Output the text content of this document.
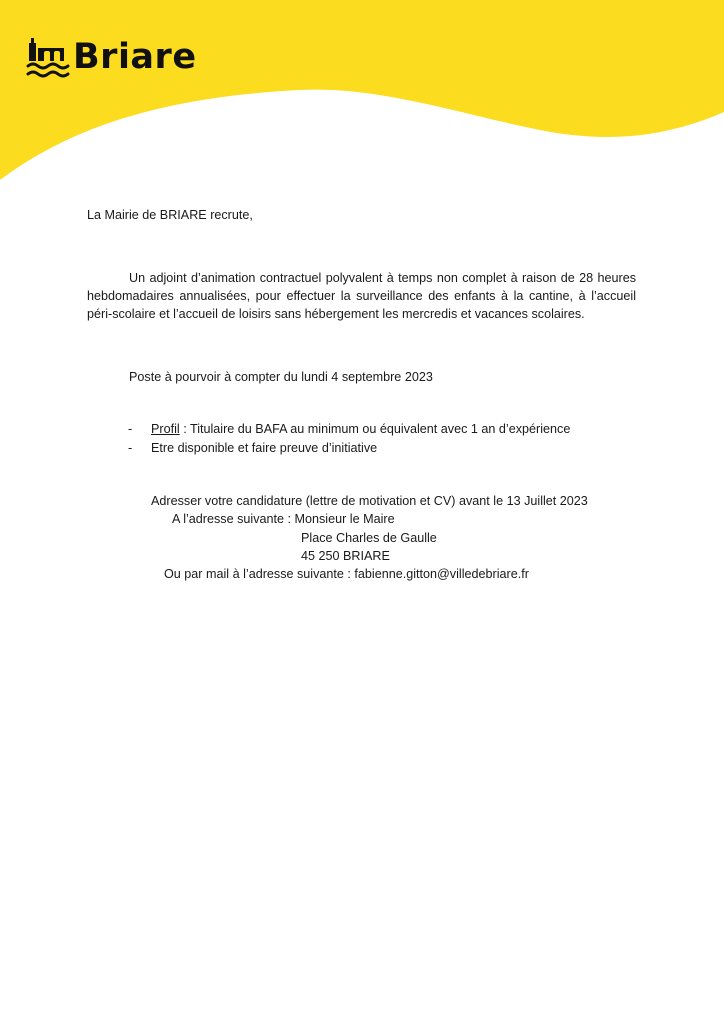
Briare

La Mairie de BRIARE recrute,

Un adjoint d’animation contractuel polyvalent à temps non complet à raison de 28 heures hebdomadaires annualisées, pour effectuer la surveillance des enfants à la cantine, à l’accueil péri-scolaire et l’accueil de loisirs sans hébergement les mercredis et vacances scolaires.

Poste à pourvoir à compter du lundi 4 septembre 2023

- Profil : Titulaire du BAFA au minimum ou équivalent avec 1 an d’expérience
- Etre disponible et faire preuve d’initiative
Adresser votre candidature (lettre de motivation et CV) avant le 13 Juillet 2023
A l’adresse suivante : Monsieur le Maire
Place Charles de Gaulle
45 250 BRIARE
Ou par mail à l’adresse suivante : fabienne.gitton@villedebriare.fr
